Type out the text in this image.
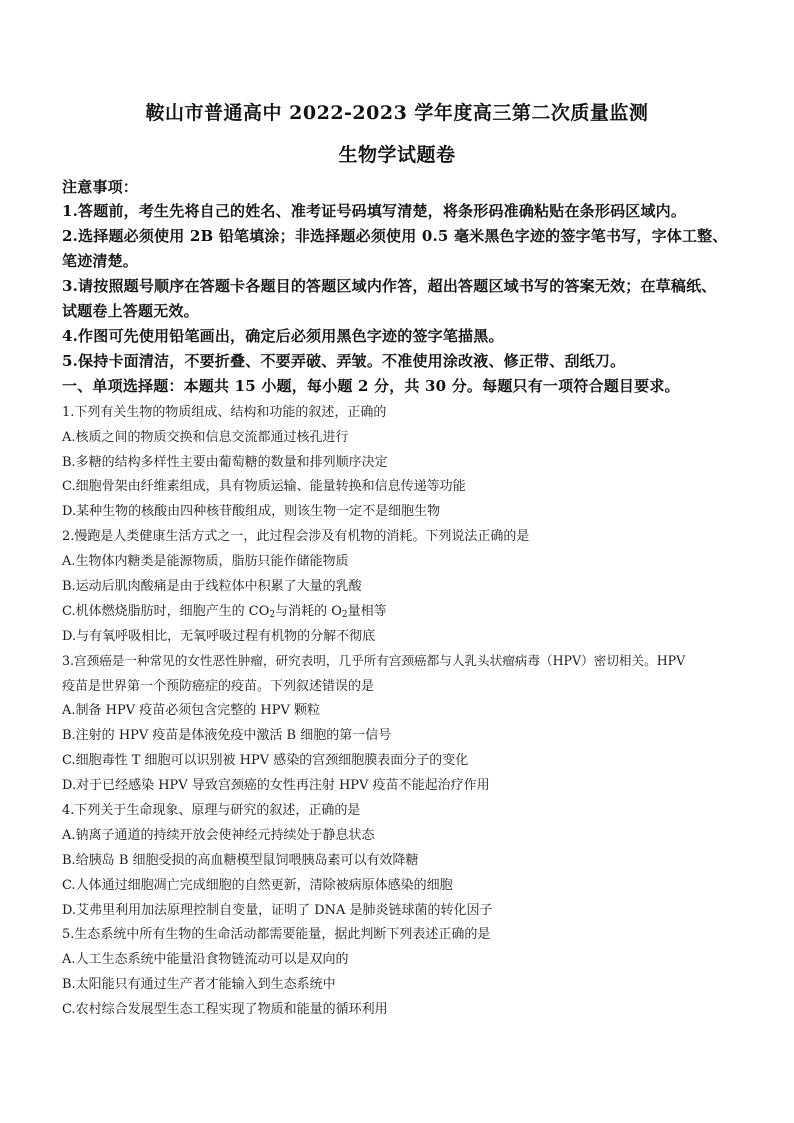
鞍山市普通高中 2022-2023 学年度高三第二次质量监测
生物学试题卷
注意事项：
1.答题前，考生先将自己的姓名、准考证号码填写清楚，将条形码准确粘贴在条形码区域内。
2.选择题必须使用 2B 铅笔填涂；非选择题必须使用 0.5 毫米黑色字迹的签字笔书写，字体工整、
笔迹清楚。
3.请按照题号顺序在答题卡各题目的答题区域内作答，超出答题区域书写的答案无效；在草稿纸、
试题卷上答题无效。
4.作图可先使用铅笔画出，确定后必须用黑色字迹的签字笔描黑。
5.保持卡面清洁，不要折叠、不要弄破、弄皱。不准使用涂改液、修正带、刮纸刀。
一、单项选择题：本题共 15 小题，每小题 2 分，共 30 分。每题只有一项符合题目要求。
1.下列有关生物的物质组成、结构和功能的叙述，正确的
A.核质之间的物质交换和信息交流都通过核孔进行
B.多糖的结构多样性主要由葡萄糖的数量和排列顺序决定
C.细胞骨架由纤维素组成，具有物质运输、能量转换和信息传递等功能
D.某种生物的核酸由四种核苷酸组成，则该生物一定不是细胞生物
2.慢跑是人类健康生活方式之一，此过程会涉及有机物的消耗。下列说法正确的是
A.生物体内糖类是能源物质，脂肪只能作储能物质
B.运动后肌肉酸痛是由于线粒体中积累了大量的乳酸
C.机体燃烧脂肪时，细胞产生的 $CO_2$与消耗的 $O_2$量相等
D.与有氧呼吸相比，无氧呼吸过程有机物的分解不彻底
3.宫颈癌是一种常见的女性恶性肿瘤，研究表明，几乎所有宫颈癌都与人乳头状瘤病毒（HPV）密切相关。HPV
疫苗是世界第一个预防癌症的疫苗。下列叙述错误的是
A.制备 HPV 疫苗必须包含完整的 HPV 颗粒
B.注射的 HPV 疫苗是体液免疫中激活 B 细胞的第一信号
C.细胞毒性 T 细胞可以识别被 HPV 感染的宫颈细胞膜表面分子的变化
D.对于已经感染 HPV 导致宫颈癌的女性再注射 HPV 疫苗不能起治疗作用
4.下列关于生命现象、原理与研究的叙述，正确的是
A.钠离子通道的持续开放会使神经元持续处于静息状态
B.给胰岛 B 细胞受损的高血糖模型鼠饲喂胰岛素可以有效降糖
C.人体通过细胞凋亡完成细胞的自然更新，清除被病原体感染的细胞
D.艾弗里利用加法原理控制自变量，证明了 DNA 是肺炎链球菌的转化因子
5.生态系统中所有生物的生命活动都需要能量，据此判断下列表述正确的是
A.人工生态系统中能量沿食物链流动可以是双向的
B.太阳能只有通过生产者才能输入到生态系统中
C.农村综合发展型生态工程实现了物质和能量的循环利用
